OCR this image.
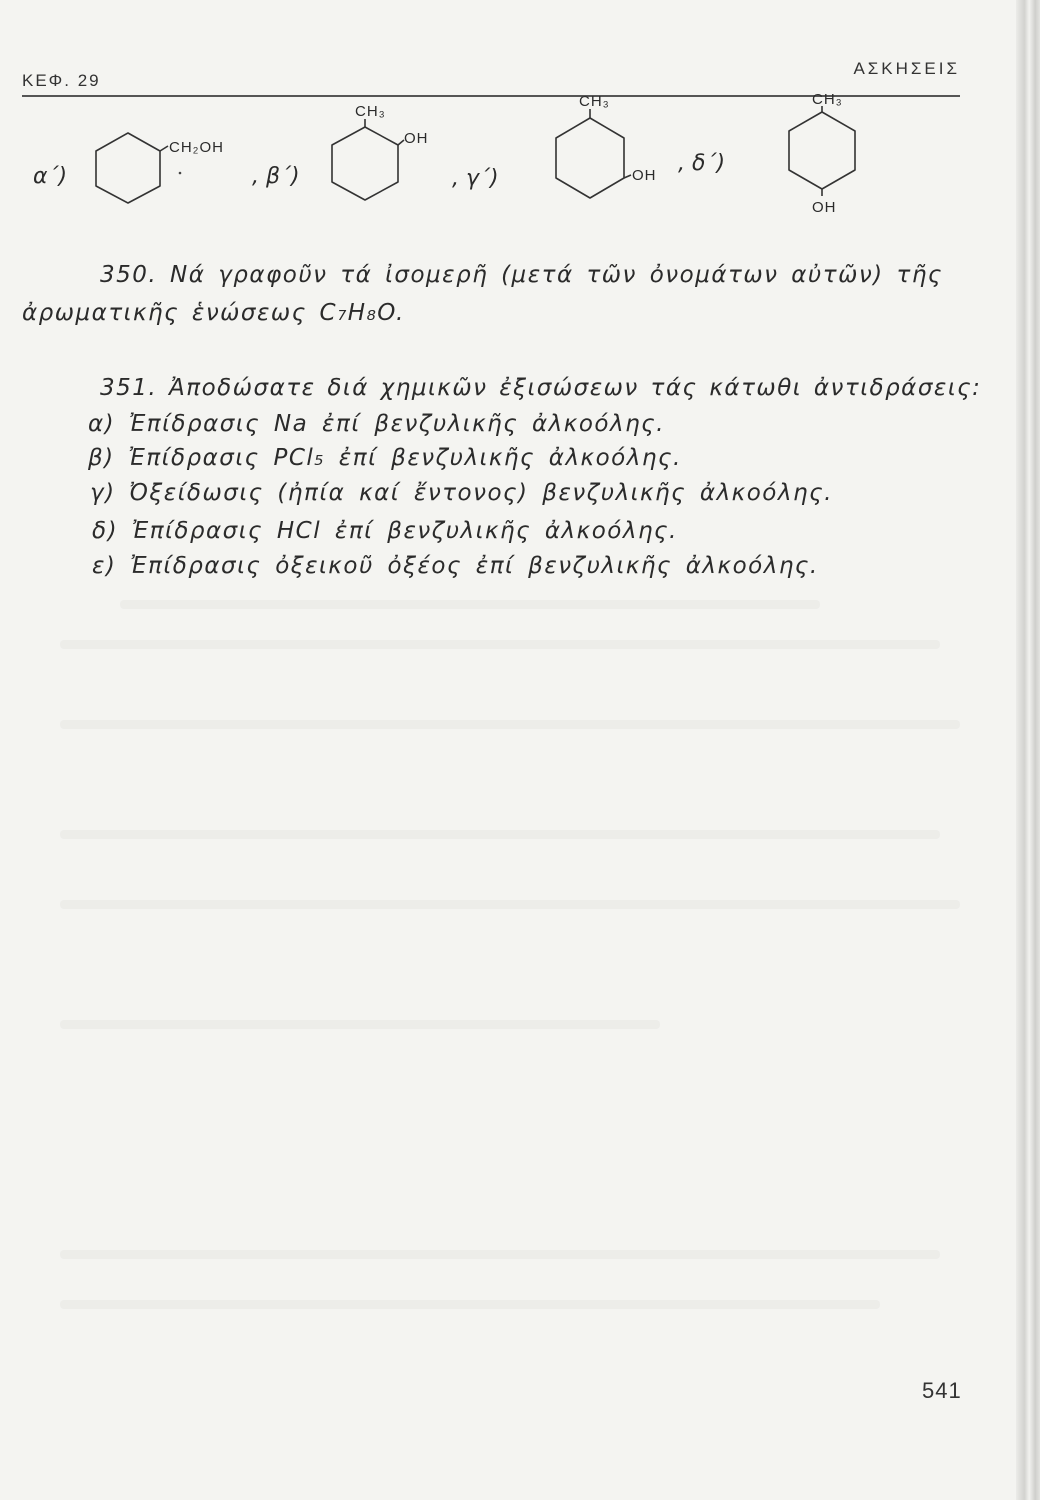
ΚΕΦ. 29
ΑΣΚΗΣΕΙΣ
α΄)	, β΄)	, γ΄)
, δ΄)
CH₂OH
CH₃
OH
CH₃
OH
CH₃
OH
350. Νά γραφοῦν τά ἰσομερῆ (μετά τῶν ὀνομάτων αὐτῶν) τῆς
ἀρωματικῆς ἑνώσεως C₇H₈O.
351. Ἀποδώσατε διά χημικῶν ἐξισώσεων τάς κάτωθι ἀντιδράσεις:
α) Ἐπίδρασις Na ἐπί βενζυλικῆς ἀλκοόλης.
β) Ἐπίδρασις PCl₅ ἐπί βενζυλικῆς ἀλκοόλης.
γ) Ὀξείδωσις (ἠπία καί ἔντονος) βενζυλικῆς ἀλκοόλης.
δ) Ἐπίδρασις HCl ἐπί βενζυλικῆς ἀλκοόλης.
ε) Ἐπίδρασις ὀξεικοῦ ὀξέος ἐπί βενζυλικῆς ἀλκοόλης.
541
